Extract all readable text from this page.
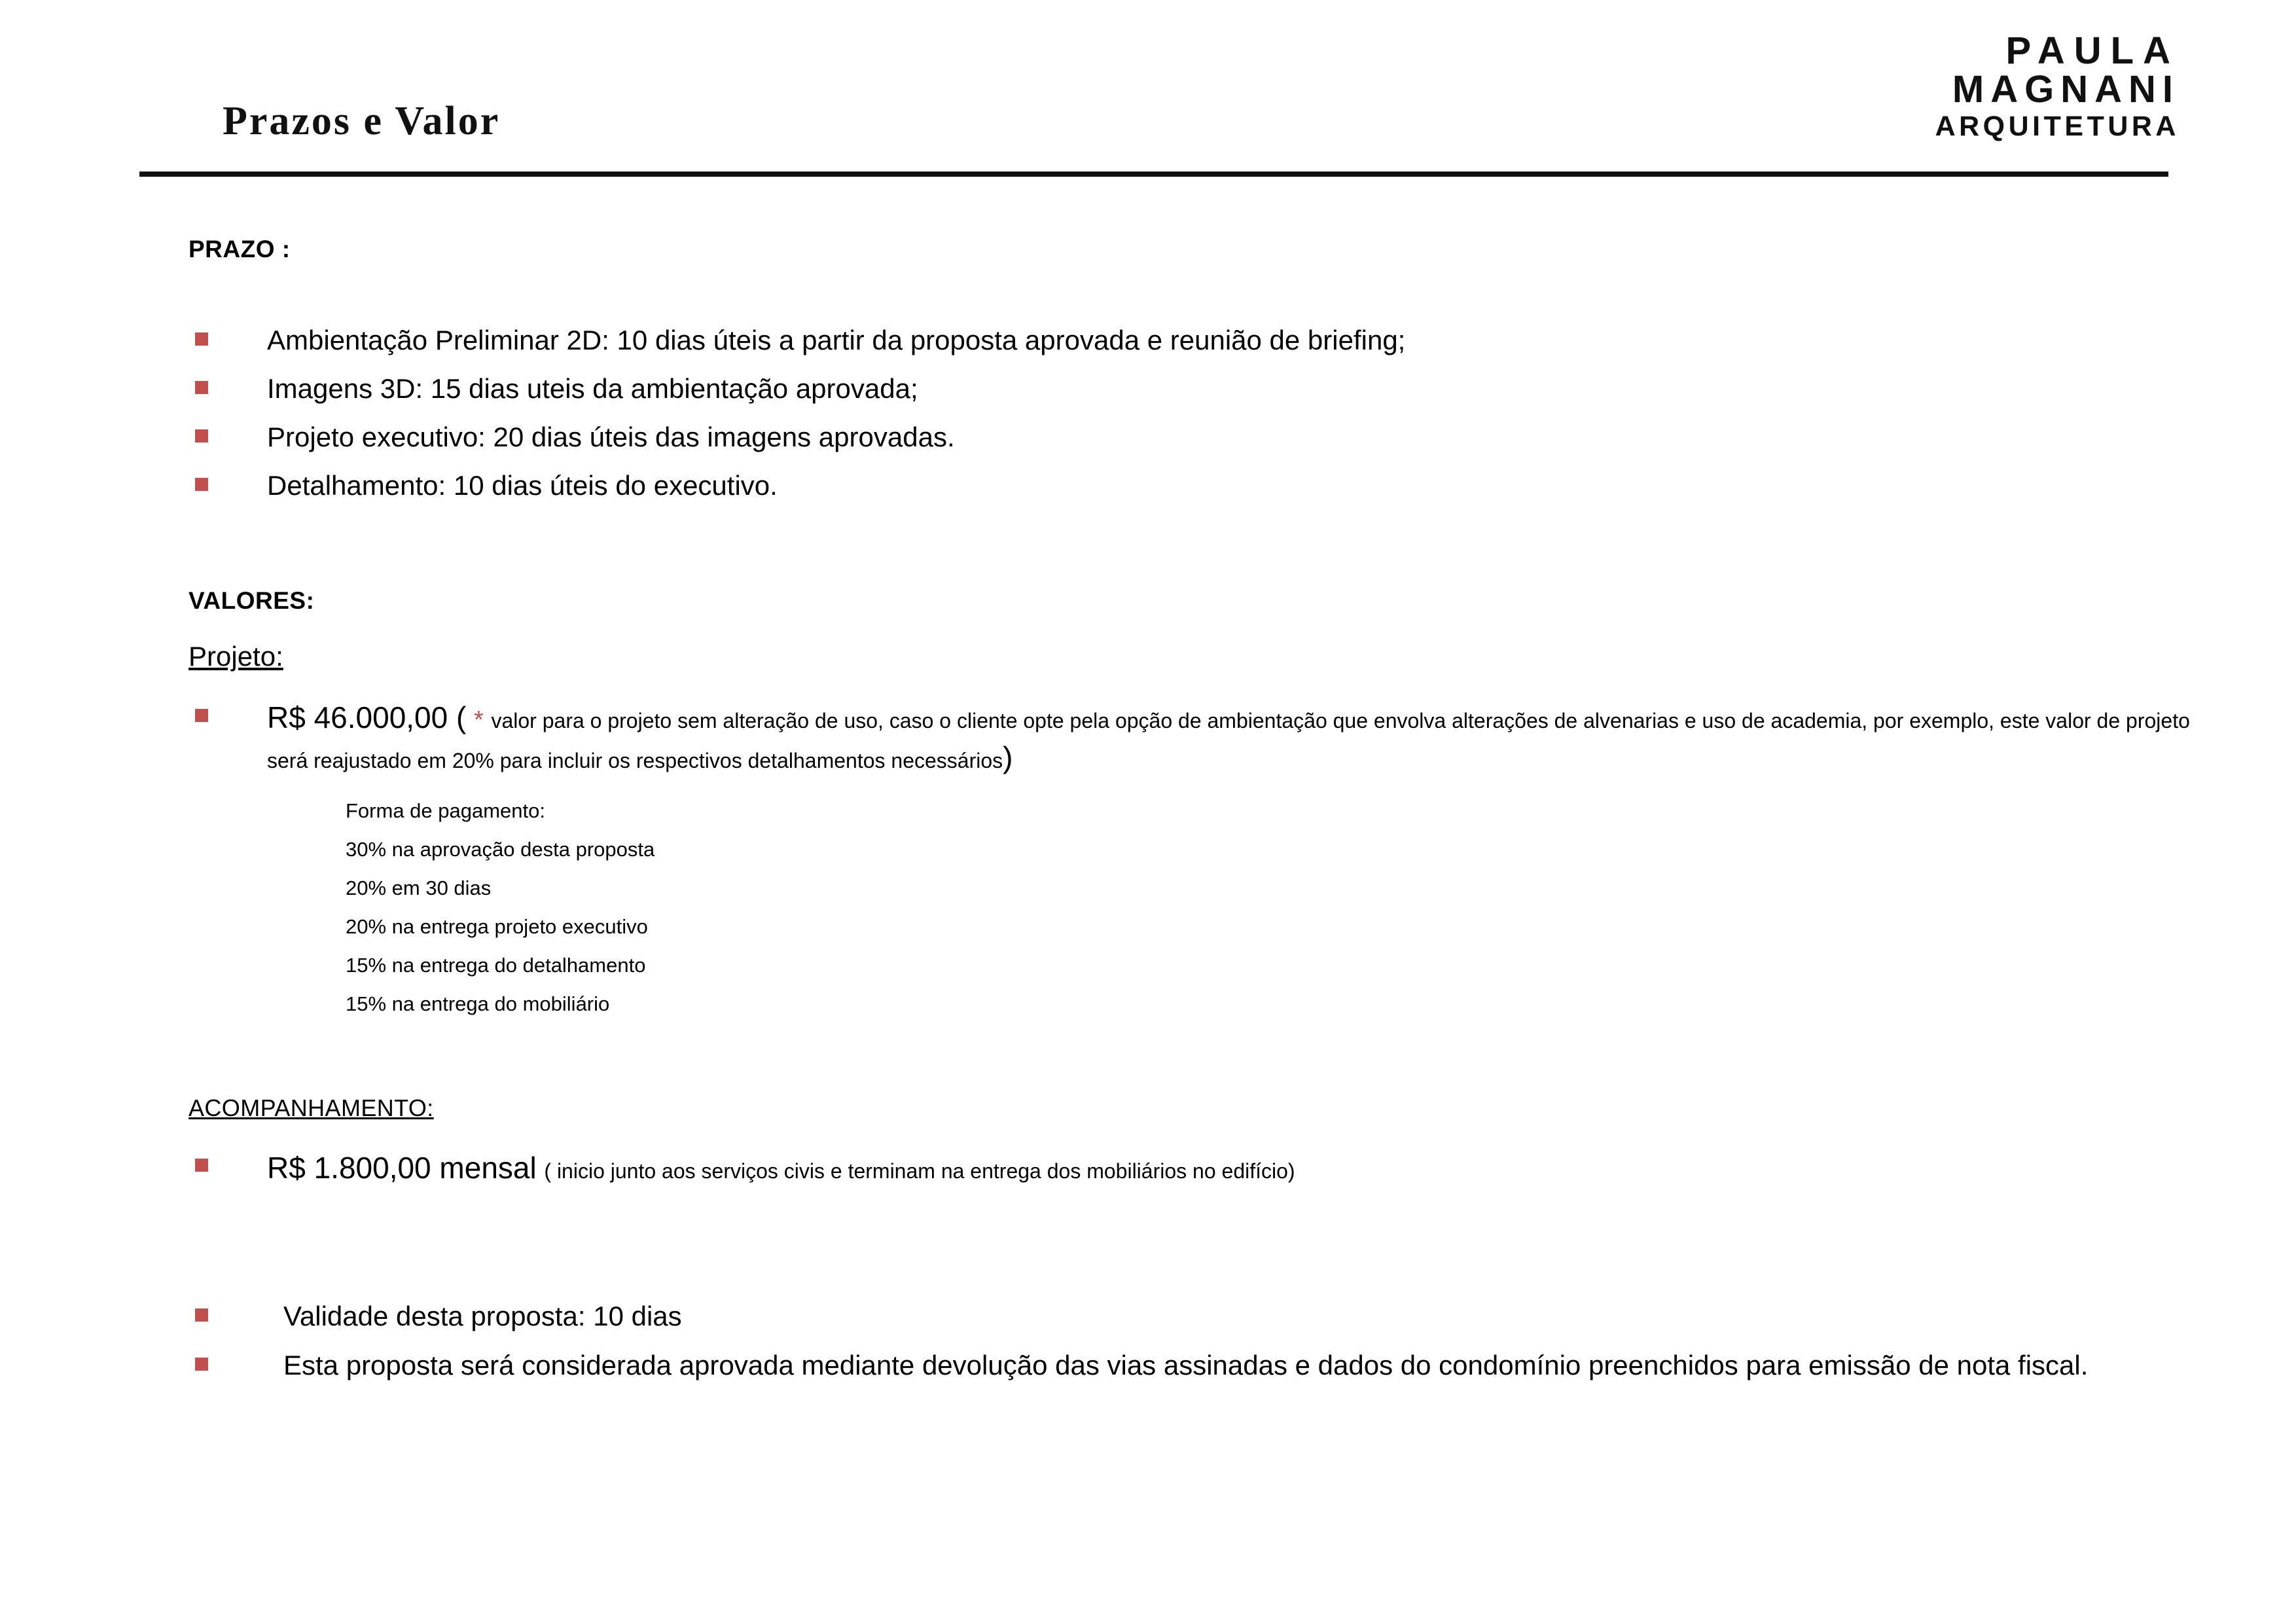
Prazos e Valor
PAULA
MAGNANI
ARQUITETURA
PRAZO :
Ambientação Preliminar 2D: 10 dias úteis a partir da proposta aprovada e reunião de briefing;
Imagens 3D: 15 dias uteis da ambientação aprovada;
Projeto executivo: 20 dias úteis das imagens aprovadas.
Detalhamento: 10 dias úteis do executivo.
VALORES:
Projeto:
R$ 46.000,00 ( * valor para o projeto sem alteração de uso, caso o cliente opte pela opção de ambientação que envolva alterações de alvenarias e uso de academia, por exemplo, este valor de projeto será reajustado em 20% para incluir os respectivos detalhamentos necessários)
Forma de pagamento:
30% na aprovação desta proposta
20% em 30 dias
20% na entrega projeto executivo
15% na entrega do detalhamento
15% na entrega do mobiliário
ACOMPANHAMENTO:
R$ 1.800,00 mensal ( inicio junto aos serviços civis e terminam na entrega dos mobiliários no edifício)
Validade desta proposta: 10 dias
Esta proposta será considerada aprovada mediante devolução das vias assinadas e dados do condomínio preenchidos para emissão de nota fiscal.
